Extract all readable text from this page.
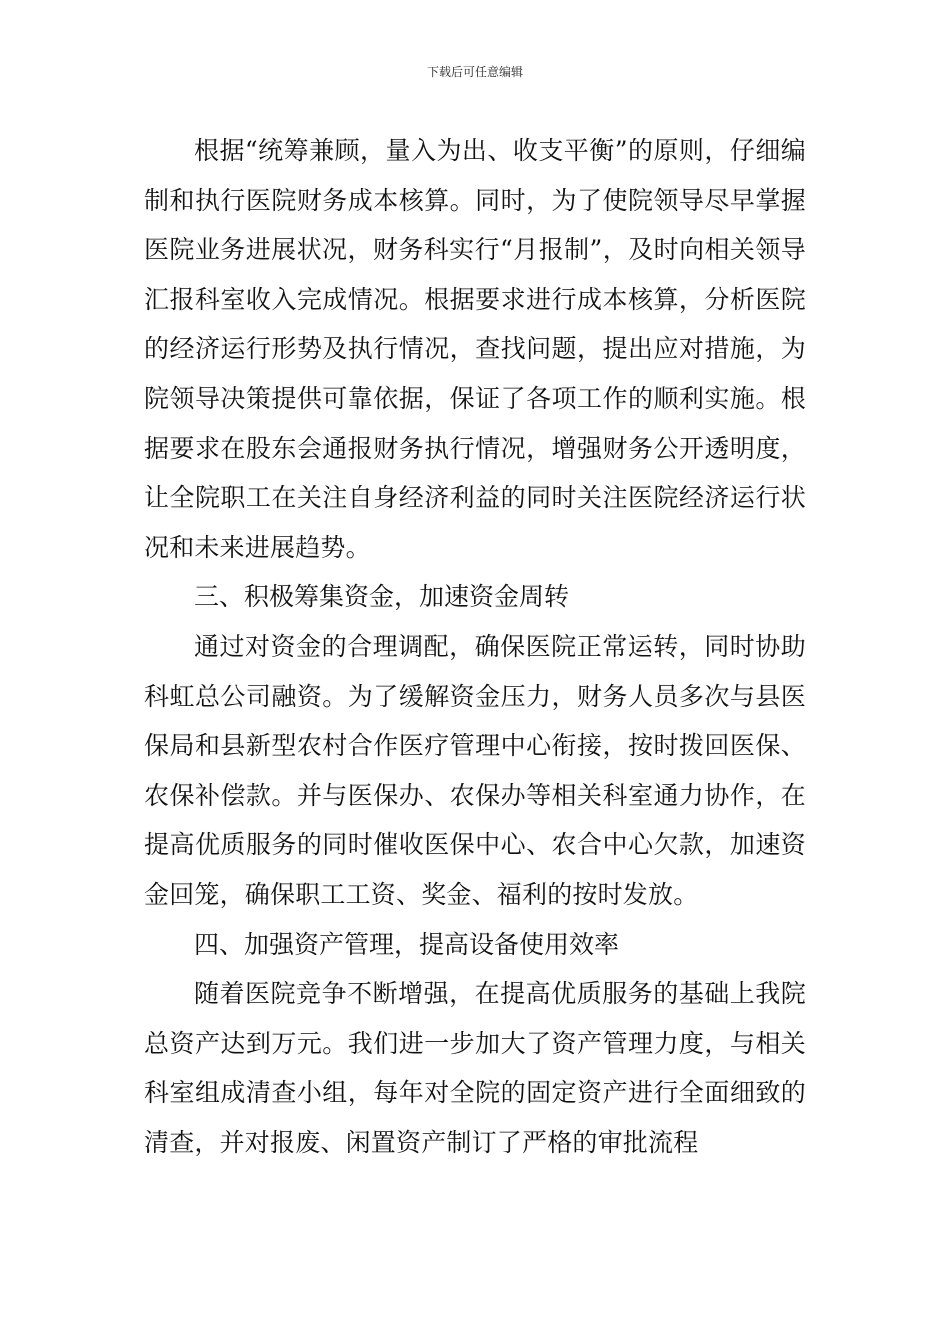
下载后可任意编辑

根据“统筹兼顾，量入为出、收支平衡”的原则，仔细编制和执行医院财务成本核算。同时，为了使院领导尽早掌握医院业务进展状况，财务科实行“月报制”，及时向相关领导汇报科室收入完成情况。根据要求进行成本核算，分析医院的经济运行形势及执行情况，查找问题，提出应对措施，为院领导决策提供可靠依据，保证了各项工作的顺利实施。根据要求在股东会通报财务执行情况，增强财务公开透明度，让全院职工在关注自身经济利益的同时关注医院经济运行状况和未来进展趋势。

三、积极筹集资金，加速资金周转

通过对资金的合理调配，确保医院正常运转，同时协助科虹总公司融资。为了缓解资金压力，财务人员多次与县医保局和县新型农村合作医疗管理中心衔接，按时拨回医保、农保补偿款。并与医保办、农保办等相关科室通力协作，在提高优质服务的同时催收医保中心、农合中心欠款，加速资金回笼，确保职工工资、奖金、福利的按时发放。

四、加强资产管理，提高设备使用效率

随着医院竞争不断增强，在提高优质服务的基础上我院总资产达到万元。我们进一步加大了资产管理力度，与相关科室组成清查小组，每年对全院的固定资产进行全面细致的清查，并对报废、闲置资产制订了严格的审批流程
